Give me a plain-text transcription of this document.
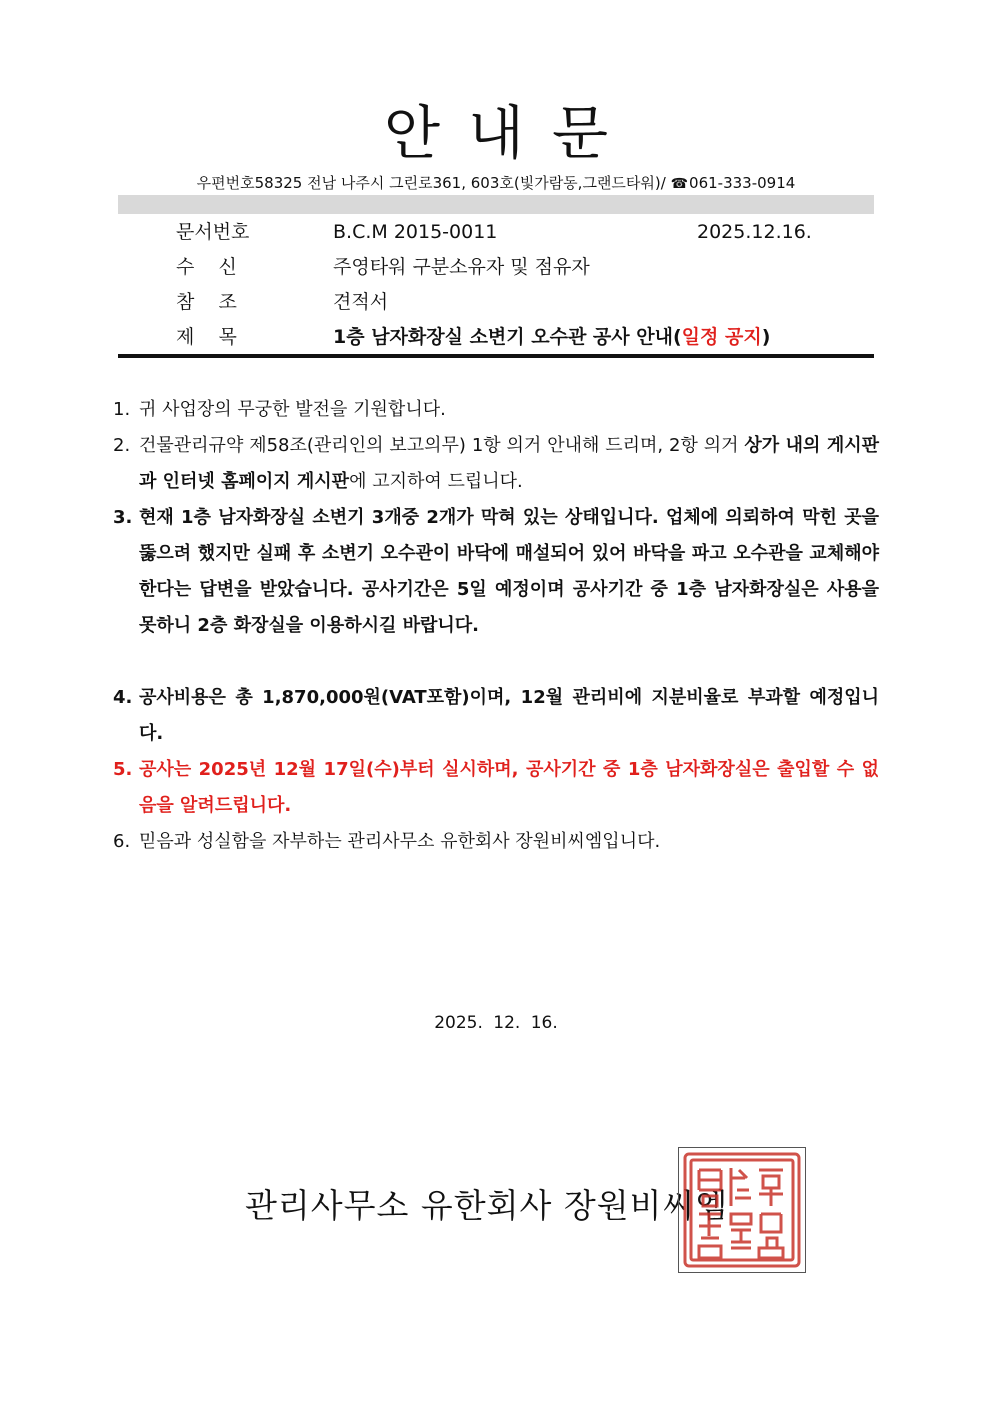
안내문
우편번호58325 전남 나주시 그린로361, 603호(빛가람동,그랜드타워)/ ☎061-333-0914
문서번호	B.C.M 2015-0011	2025.12.16.
수    신	주영타워 구분소유자 및 점유자
참    조	견적서
제    목	1층 남자화장실 소변기 오수관 공사 안내(일정 공지)
1. 귀 사업장의 무궁한 발전을 기원합니다.
2. 건물관리규약 제58조(관리인의 보고의무) 1항 의거 안내해 드리며, 2항 의거 상가 내의 게시판과 인터넷 홈페이지 게시판에 고지하여 드립니다.
3. 현재 1층 남자화장실 소변기 3개중 2개가 막혀 있는 상태입니다. 업체에 의뢰하여 막힌 곳을 뚫으려 했지만 실패 후 소변기 오수관이 바닥에 매설되어 있어 바닥을 파고 오수관을 교체해야 한다는 답변을 받았습니다. 공사기간은 5일 예정이며 공사기간 중 1층 남자화장실은 사용을 못하니 2층 화장실을 이용하시길 바랍니다.
4. 공사비용은 총 1,870,000원(VAT포함)이며, 12월 관리비에 지분비율로 부과할 예정입니다.
5. 공사는 2025년 12월 17일(수)부터 실시하며, 공사기간 중 1층 남자화장실은 출입할 수 없음을 알려드립니다.
6. 믿음과 성실함을 자부하는 관리사무소 유한회사 장원비씨엠입니다.
2025. 12. 16.
관리사무소 유한회사 장원비씨엠
